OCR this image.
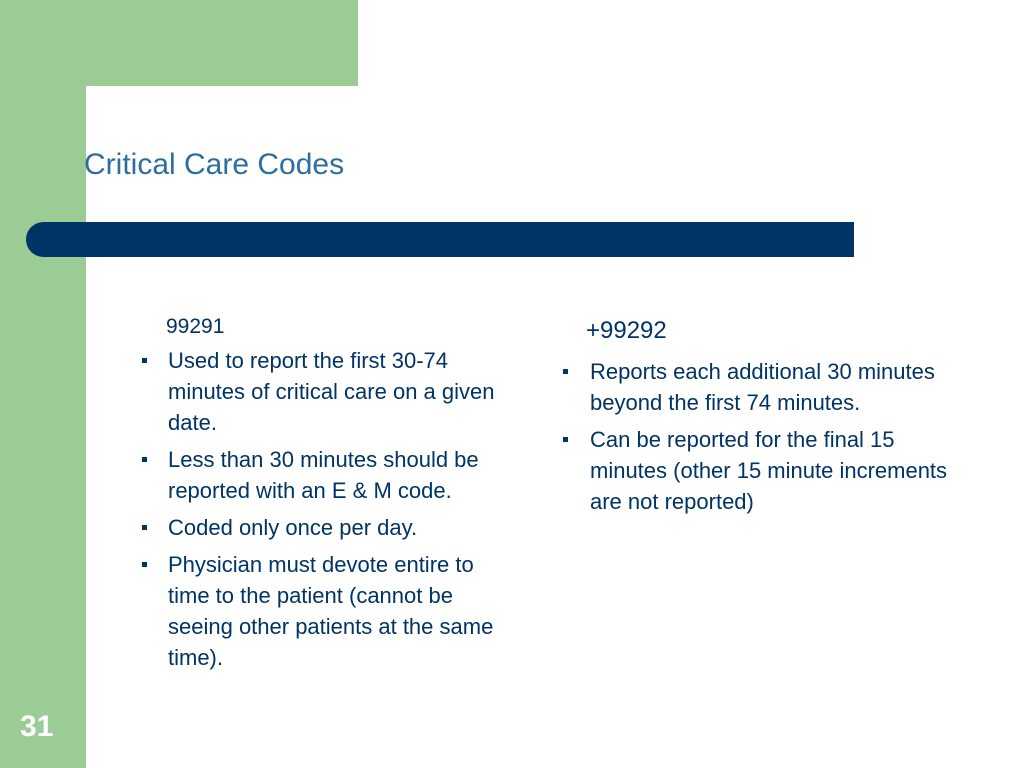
Critical Care Codes
99291
Used to report the first 30-74 minutes of critical care on a given date.
Less than 30 minutes should be reported with an E & M code.
Coded only once per day.
Physician must devote entire to time to the patient (cannot be seeing other patients at the same time).
+99292
Reports each additional 30 minutes beyond the first 74 minutes.
Can be reported for the final 15 minutes (other 15 minute increments are not reported)
31
